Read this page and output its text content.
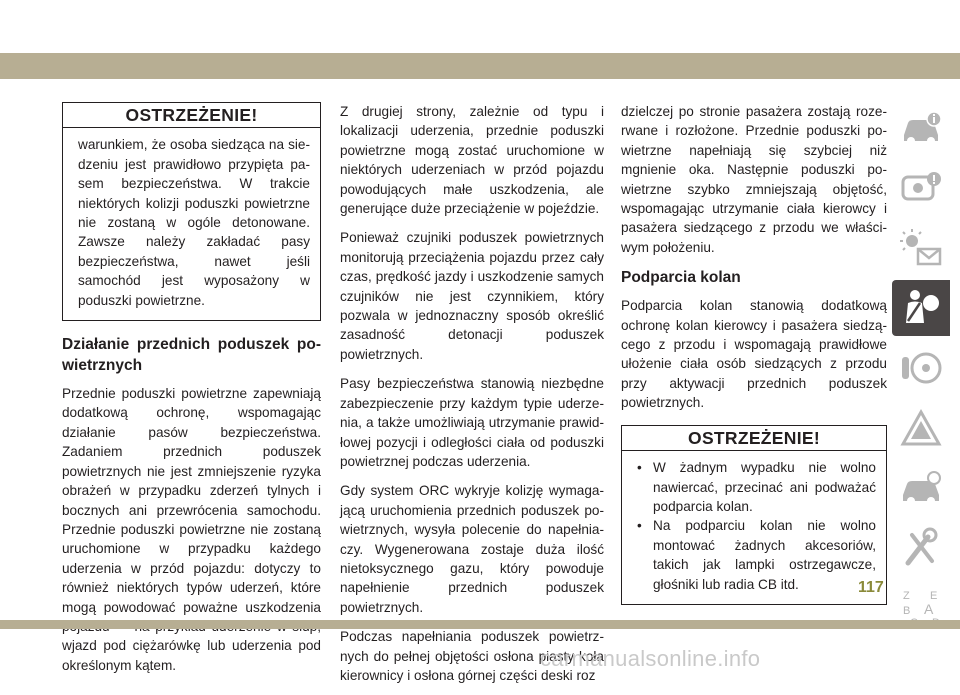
OSTRZEŻENIE!
warunkiem, że osoba siedząca na siedzeniu jest prawidłowo przypięta pasem bezpieczeństwa. W trakcie niektórych kolizji poduszki powietrzne nie zostaną w ogóle detonowane. Zawsze należy zakładać pasy bezpieczeństwa, nawet jeśli samochód jest wyposażony w poduszki powietrzne.
Działanie przednich poduszek powietrznych

Przednie poduszki powietrzne zapewniają dodatkową ochronę, wspomagając działanie pasów bezpieczeństwa. Zadaniem przednich poduszek powietrznych nie jest zmniejszenie ryzyka obrażeń w przypadku zderzeń tylnych i bocznych ani przewrócenia samochodu. Przednie poduszki powietrzne nie zostaną uruchomione w przypadku każdego uderzenia w przód pojazdu: dotyczy to również niektórych typów uderzeń, które mogą powodować poważne uszkodzenia wjazd pod ciężarówkę lub uderzenia pod określonym kątem.

Z drugiej strony, zależnie od typu i lokalizacji uderzenia, przednie poduszki powietrzne mogą zostać uruchomione w niektórych uderzeniach w przód pojazdu powodujących małe uszkodzenia, ale generujące duże przeciążenie w pojeździe.

Ponieważ czujniki poduszek powietrznych monitorują przeciążenia pojazdu przez cały czas, prędkość jazdy i uszkodzenie samych czujników nie jest czynnikiem, który pozwala w jednoznaczny sposób określić zasadność detonacji poduszek powietrznych.

Pasy bezpieczeństwa stanowią niezbędne zabezpieczenie przy każdym typie uderzenia, a także umożliwiają utrzymanie prawidłowej pozycji i odległości ciała od poduszki powietrznej podczas uderzenia.

Gdy system ORC wykryje kolizję wymagającą uruchomienia przednich poduszek powietrznych, wysyła polecenie do napełniaczy. Wygenerowana zostaje duża ilość nietoksycznego gazu, który powoduje napełnienie przednich poduszek powietrznych.

Podczas napełniania poduszek powietrznych do pełnej objętości osłona piasty koła kierownicy i osłona górnej części deski roz

dzielczej po stronie pasażera zostają rozerwane i rozłożone. Przednie poduszki powietrzne napełniają się szybciej niż mgnienie oka. Następnie poduszki powietrzne szybko zmniejszają objętość, wspomagając utrzymanie ciała kierowcy i pasażera siedzącego z przodu we właściwym położeniu.

Podparcia kolan

Podparcia kolan stanowią dodatkową ochronę kolan kierowcy i pasażera siedzącego z przodu i wspomagają prawidłowe ułożenie ciała osób siedzących z przodu przy aktywacji przednich poduszek powietrznych.

OSTRZEŻENIE!
• W żadnym wypadku nie wolno nawiercać, przecinać ani podważać podparcia kolan.
• Na podparciu kolan nie wolno montować żadnych akcesoriów, takich jak lampki ostrzegawcze, głośniki lub radia CB itd.
Z E
B A
117
carmanualsonline.info
